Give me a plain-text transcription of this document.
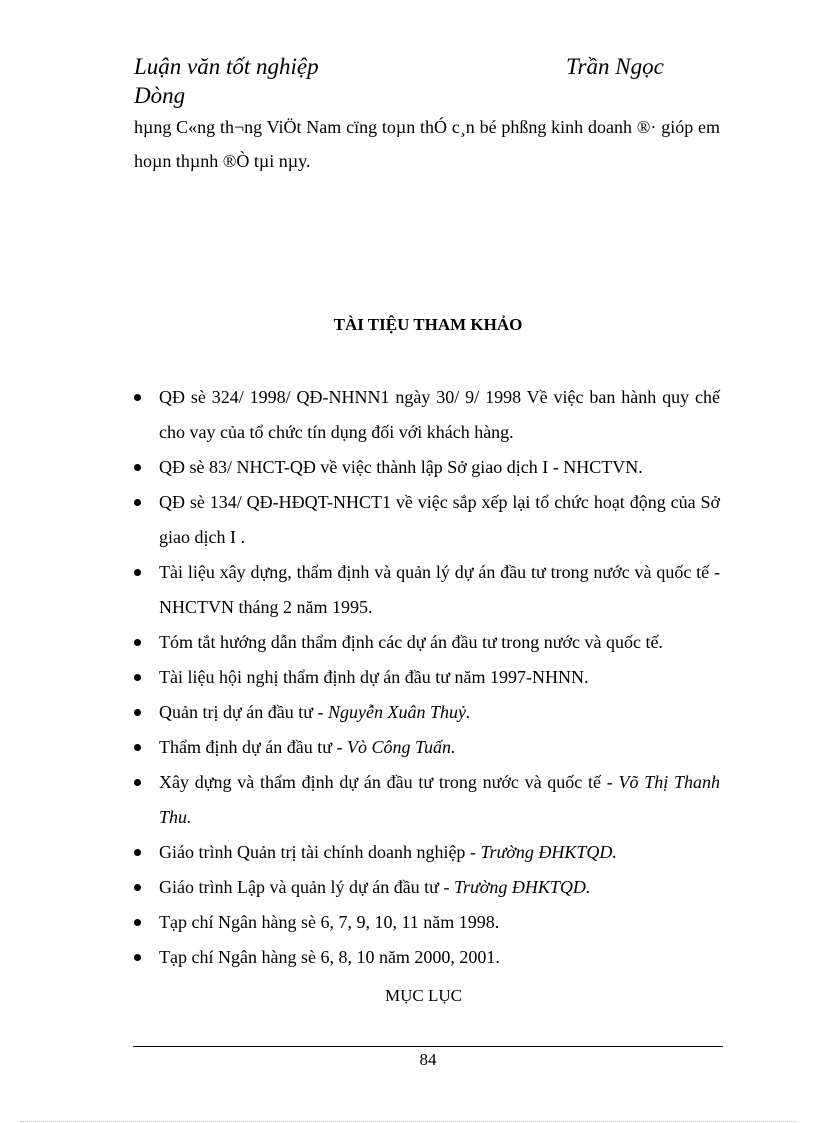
Luận văn tốt nghiệp	Trần Ngọc
Dòng
hµng C«ng th¬ng ViÖt Nam cïng toµn thÓ c¸n bé phßng kinh doanh ®· gióp em hoµn thµnh ®Ò tµi nµy.
TÀI TIỆU THAM KHẢO
QĐ sè 324/ 1998/ QĐ-NHNN1 ngày 30/ 9/ 1998 Về việc ban hành quy chế cho vay của tổ chức tín dụng đối với khách hàng.
QĐ sè 83/ NHCT-QĐ về việc thành lập Sở giao dịch I - NHCTVN.
QĐ sè 134/ QĐ-HĐQT-NHCT1 về việc sắp xếp lại tổ chức hoạt động của Sở giao dịch I .
Tài liệu xây dựng, thẩm định và quản lý dự án đầu tư trong nước và quốc tế - NHCTVN tháng 2 năm 1995.
Tóm tắt hướng dẫn thẩm định các dự án đầu tư trong nước và quốc tế.
Tài liệu hội nghị thẩm định dự án đầu tư năm 1997-NHNN.
Quản trị dự án đầu tư - Nguyễn Xuân Thuỷ.
Thẩm định dự án đầu tư - Vò Công Tuấn.
Xây dựng và thẩm định dự án đầu tư trong nước và quốc tế - Võ Thị Thanh Thu.
Giáo trình Quản trị tài chính doanh nghiệp - Trường ĐHKTQD.
Giáo trình Lập và quản lý dự án đầu tư - Trường ĐHKTQD.
Tạp chí Ngân hàng sè 6, 7, 9, 10, 11 năm 1998.
Tạp chí Ngân hàng sè 6, 8, 10 năm 2000, 2001.
MỤC LỤC
84
